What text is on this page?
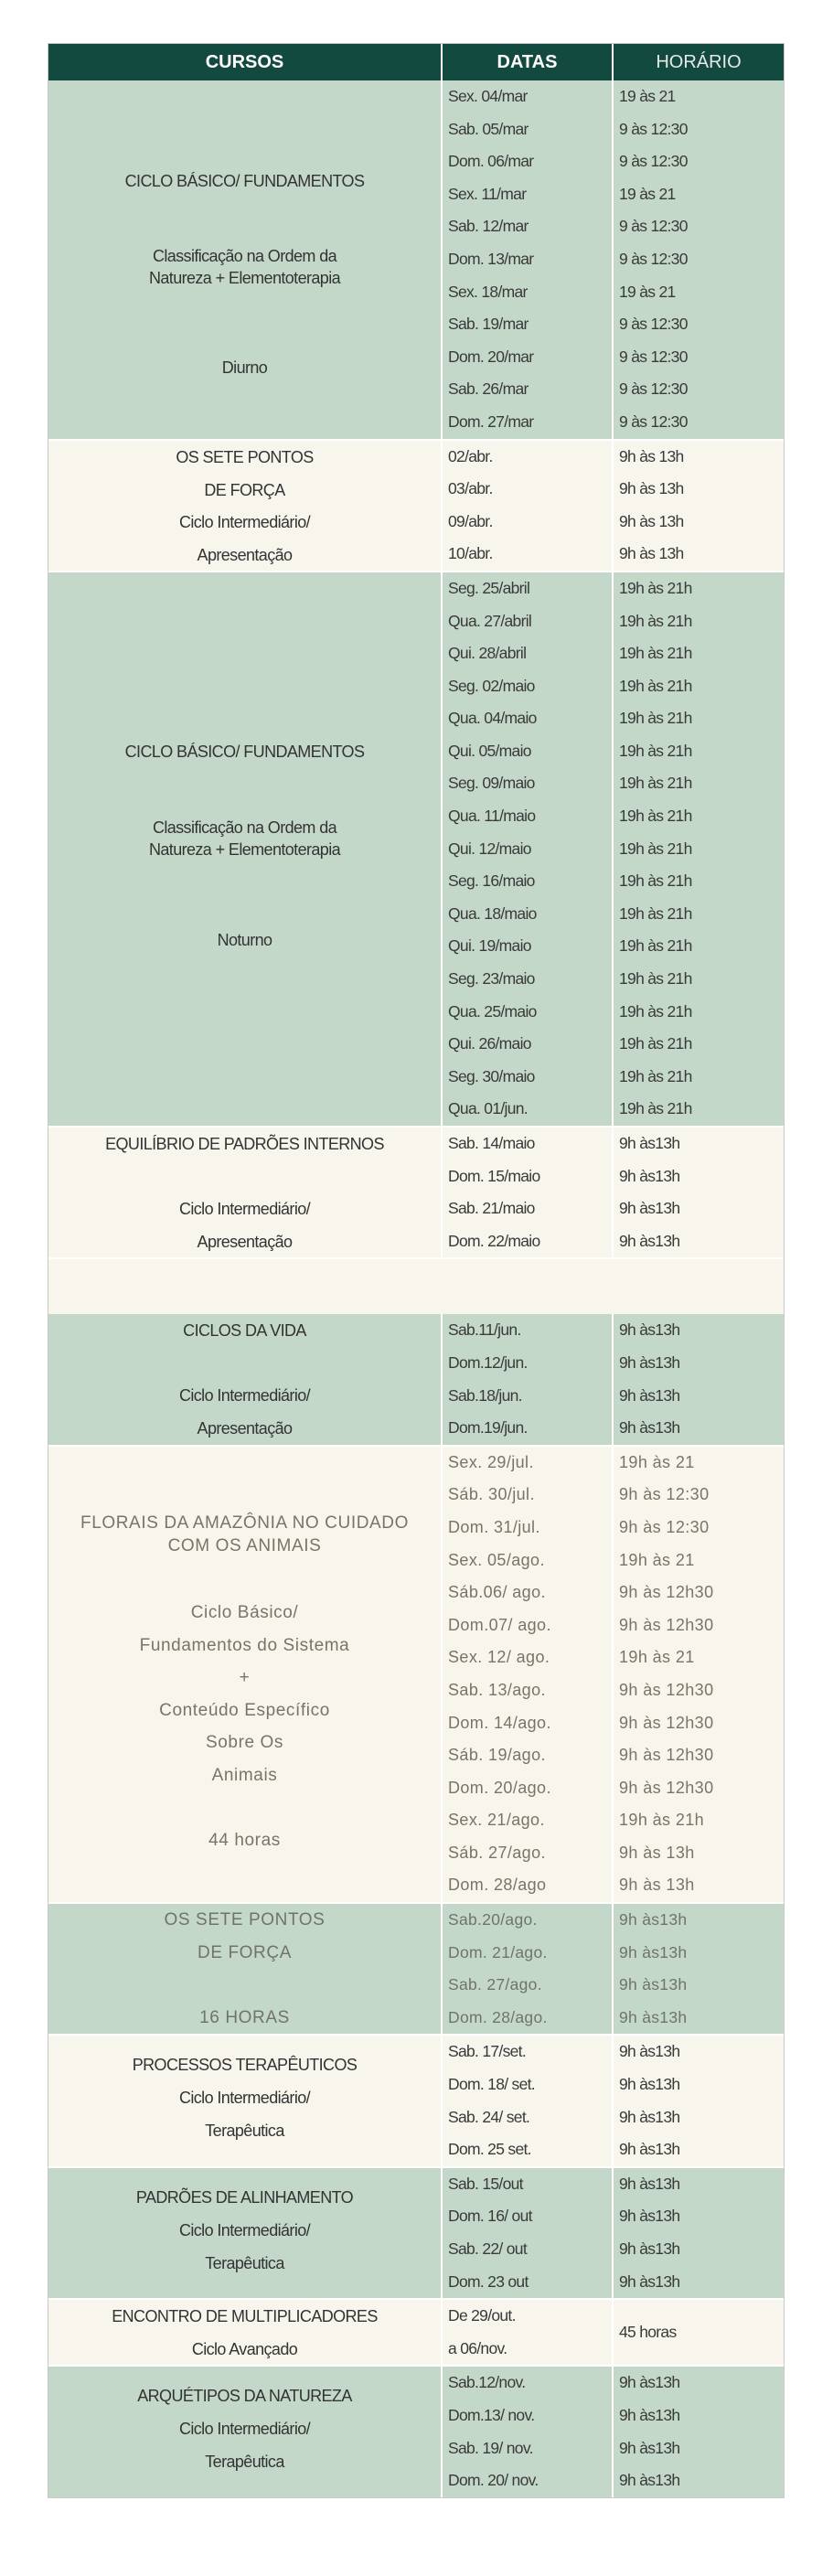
CURSOS	DATAS	HORÁRIO
CICLO BÁSICO/ FUNDAMENTOS
Classificação na Ordem da
Natureza + Elementoterapia
Diurno
Sex. 04/mar
Sab. 05/mar
Dom. 06/mar
Sex. 11/mar
Sab. 12/mar
Dom. 13/mar
Sex. 18/mar
Sab. 19/mar
Dom. 20/mar
Sab. 26/mar
Dom. 27/mar
19 às 21
9 às 12:30
9 às 12:30
19 às 21
9 às 12:30
9 às 12:30
19 às 21
9 às 12:30
9 às 12:30
9 às 12:30
9 às 12:30
OS SETE PONTOS
DE FORÇA
Ciclo Intermediário/
Apresentação
02/abr.
03/abr.
09/abr.
10/abr.
9h às 13h
9h às 13h
9h às 13h
9h às 13h
CICLO BÁSICO/ FUNDAMENTOS
Classificação na Ordem da
Natureza + Elementoterapia
Noturno
Seg. 25/abril
Qua. 27/abril
Qui. 28/abril
Seg. 02/maio
Qua. 04/maio
Qui. 05/maio
Seg. 09/maio
Qua. 11/maio
Qui. 12/maio
Seg. 16/maio
Qua. 18/maio
Qui. 19/maio
Seg. 23/maio
Qua. 25/maio
Qui. 26/maio
Seg. 30/maio
Qua. 01/jun.
19h às 21h
19h às 21h
19h às 21h
19h às 21h
19h às 21h
19h às 21h
19h às 21h
19h às 21h
19h às 21h
19h às 21h
19h às 21h
19h às 21h
19h às 21h
19h às 21h
19h às 21h
19h às 21h
19h às 21h
EQUILÍBRIO DE PADRÕES INTERNOS
Ciclo Intermediário/
Apresentação
Sab. 14/maio
Dom. 15/maio
Sab. 21/maio
Dom. 22/maio
9h às13h
9h às13h
9h às13h
9h às13h
CICLOS DA VIDA
Ciclo Intermediário/
Apresentação
Sab.11/jun.
Dom.12/jun.
Sab.18/jun.
Dom.19/jun.
9h às13h
9h às13h
9h às13h
9h às13h
FLORAIS DA AMAZÔNIA NO CUIDADO
COM OS ANIMAIS
Ciclo Básico/
Fundamentos do Sistema
+
Conteúdo Específico
Sobre Os
Animais
44 horas
Sex. 29/jul.
Sáb. 30/jul.
Dom. 31/jul.
Sex. 05/ago.
Sáb.06/ ago.
Dom.07/ ago.
Sex. 12/ ago.
Sab. 13/ago.
Dom. 14/ago.
Sáb. 19/ago.
Dom. 20/ago.
Sex. 21/ago.
Sáb. 27/ago.
Dom. 28/ago
19h às 21
9h às 12:30
9h às 12:30
19h às 21
9h às 12h30
9h às 12h30
19h às 21
9h às 12h30
9h às 12h30
9h às 12h30
9h às 12h30
19h às 21h
9h às 13h
9h às 13h
OS SETE PONTOS
DE FORÇA
16 HORAS
Sab.20/ago.
Dom. 21/ago.
Sab. 27/ago.
Dom. 28/ago.
9h às13h
9h às13h
9h às13h
9h às13h
PROCESSOS TERAPÊUTICOS
Ciclo Intermediário/
Terapêutica
Sab. 17/set.
Dom. 18/ set.
Sab. 24/ set.
Dom. 25 set.
9h às13h
9h às13h
9h às13h
9h às13h
PADRÕES DE ALINHAMENTO
Ciclo Intermediário/
Terapêutica
Sab. 15/out
Dom. 16/ out
Sab. 22/ out
Dom. 23 out
9h às13h
9h às13h
9h às13h
9h às13h
ENCONTRO DE MULTIPLICADORES
Ciclo Avançado
De 29/out.
a 06/nov.
45 horas
ARQUÉTIPOS DA NATUREZA
Ciclo Intermediário/
Terapêutica
Sab.12/nov.
Dom.13/ nov.
Sab. 19/ nov.
Dom. 20/ nov.
9h às13h
9h às13h
9h às13h
9h às13h
